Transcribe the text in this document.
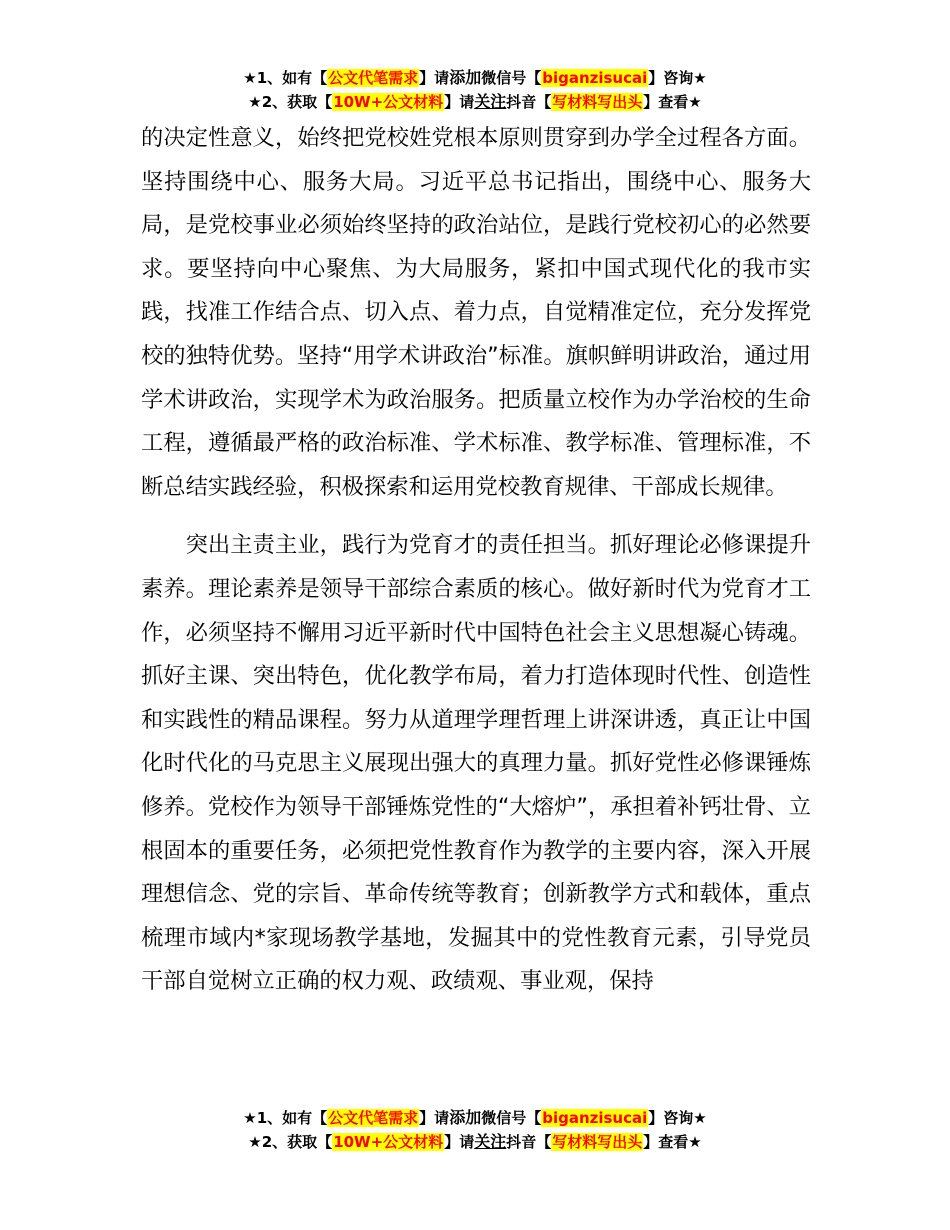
★1、如有【公文代笔需求】请添加微信号【biganzisucai】咨询★
★2、获取【10W+公文材料】请关注抖音【写材料写出头】查看★

的决定性意义，始终把党校姓党根本原则贯穿到办学全过程各方面。坚持围绕中心、服务大局。习近平总书记指出，围绕中心、服务大局，是党校事业必须始终坚持的政治站位，是践行党校初心的必然要求。要坚持向中心聚焦、为大局服务，紧扣中国式现代化的我市实践，找准工作结合点、切入点、着力点，自觉精准定位，充分发挥党校的独特优势。坚持“用学术讲政治”标准。旗帜鲜明讲政治，通过用学术讲政治，实现学术为政治服务。把质量立校作为办学治校的生命工程，遵循最严格的政治标准、学术标准、教学标准、管理标准，不断总结实践经验，积极探索和运用党校教育规律、干部成长规律。

突出主责主业，践行为党育才的责任担当。抓好理论必修课提升素养。理论素养是领导干部综合素质的核心。做好新时代为党育才工作，必须坚持不懈用习近平新时代中国特色社会主义思想凝心铸魂。抓好主课、突出特色，优化教学布局，着力打造体现时代性、创造性和实践性的精品课程。努力从道理学理哲理上讲深讲透，真正让中国化时代化的马克思主义展现出强大的真理力量。抓好党性必修课锤炼修养。党校作为领导干部锤炼党性的“大熔炉”，承担着补钙壮骨、立根固本的重要任务，必须把党性教育作为教学的主要内容，深入开展理想信念、党的宗旨、革命传统等教育；创新教学方式和载体，重点梳理市域内*家现场教学基地，发掘其中的党性教育元素，引导党员干部自觉树立正确的权力观、政绩观、事业观，保持

★1、如有【公文代笔需求】请添加微信号【biganzisucai】咨询★
★2、获取【10W+公文材料】请关注抖音【写材料写出头】查看★
